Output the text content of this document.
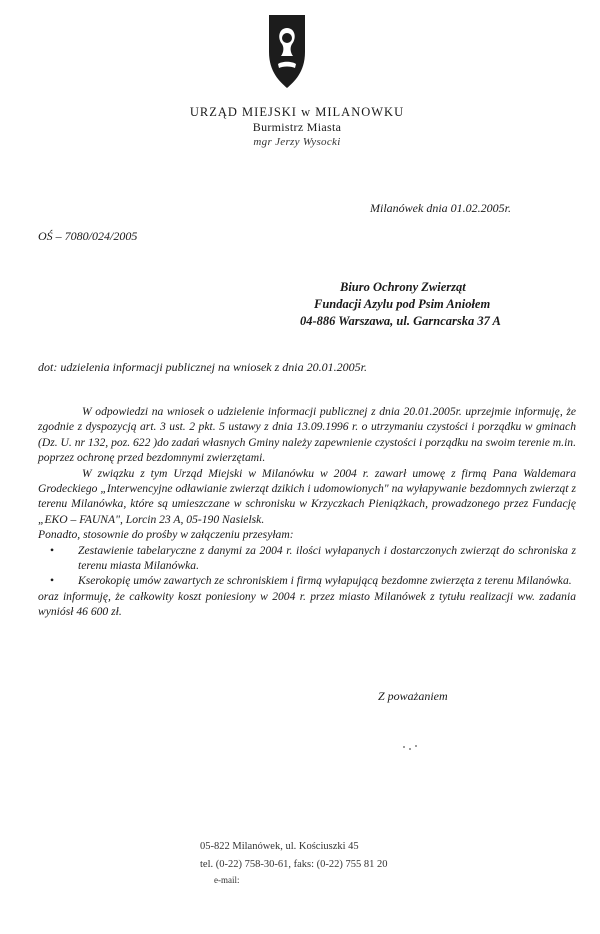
URZĄD MIEJSKI w MILANOWKU
Burmistrz Miasta
mgr Jerzy Wysocki
Milanówek dnia 01.02.2005r.
OŚ – 7080/024/2005
Biuro Ochrony Zwierząt
Fundacji Azylu pod Psim Aniołem
04-886 Warszawa, ul. Garncarska 37 A
dot: udzielenia informacji publicznej na wniosek z dnia 20.01.2005r.

W odpowiedzi na wniosek o udzielenie informacji publicznej z dnia 20.01.2005r. uprzejmie informuję, że zgodnie z dyspozycją art. 3 ust. 2 pkt. 5 ustawy z dnia 13.09.1996 r. o utrzymaniu czystości i porządku w gminach (Dz. U. nr 132, poz. 622 )do zadań własnych Gminy należy zapewnienie czystości i porządku na swoim terenie m.in. poprzez ochronę przed bezdomnymi zwierzętami.

W związku z tym Urząd Miejski w Milanówku w 2004 r. zawarł umowę z firmą Pana Waldemara Grodeckiego „Interwencyjne odławianie zwierząt dzikich i udomowionych" na wyłapywanie bezdomnych zwierząt z terenu Milanówka, które są umieszczane w schronisku w Krzyczkach Pieniążkach, prowadzonego przez Fundację „EKO – FAUNA", Lorcin 23 A, 05-190 Nasielsk.

Ponadto, stosownie do prośby w załączeniu przesyłam:

• Zestawienie tabelaryczne z danymi za 2004 r. ilości wyłapanych i dostarczonych zwierząt do schroniska z terenu miasta Milanówka.
• Kserokopię umów zawartych ze schroniskiem i firmą wyłapującą bezdomne zwierzęta z terenu Milanówka.

oraz informuję, że całkowity koszt poniesiony w 2004 r. przez miasto Milanówek z tytułu realizacji ww. zadania wyniósł 46 600 zł.

Z poważaniem
05-822 Milanówek, ul. Kościuszki 45
tel. (0-22) 758-30-61, faks: (0-22) 755 81 20
e-mail:
